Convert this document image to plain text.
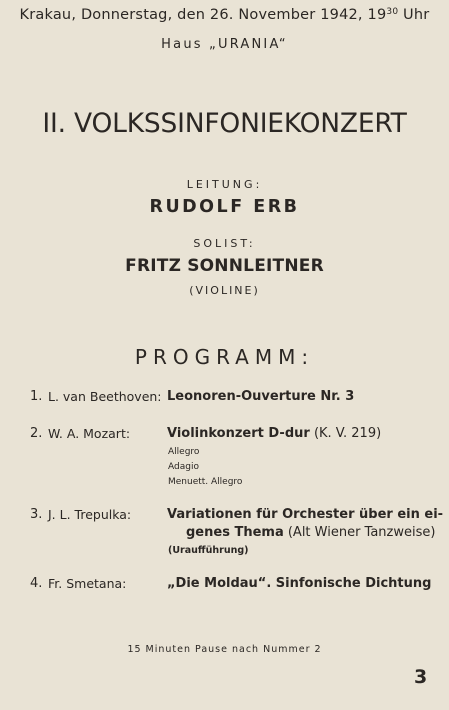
Krakau, Donnerstag, den 26. November 1942, $19^{30}$ Uhr
Haus „URANIA“
II. VOLKSSINFONIEKONZERT
LEITUNG:
RUDOLF ERB
SOLIST:
FRITZ SONNLEITNER
(VIOLINE)
PROGRAMM:
1. L. van Beethoven: Leonoren-Ouverture Nr. 3
2. W. A. Mozart:	Violinkonzert D-dur (K. V. 219)
Allegro
Adagio
Menuett. Allegro
3. J. L. Trepulka:	Variationen für Orchester über ein ei-
genes Thema (Alt Wiener Tanzweise)
(Uraufführung)
4. Fr. Smetana:	„Die Moldau“. Sinfonische Dichtung
15 Minuten Pause nach Nummer 2
3
